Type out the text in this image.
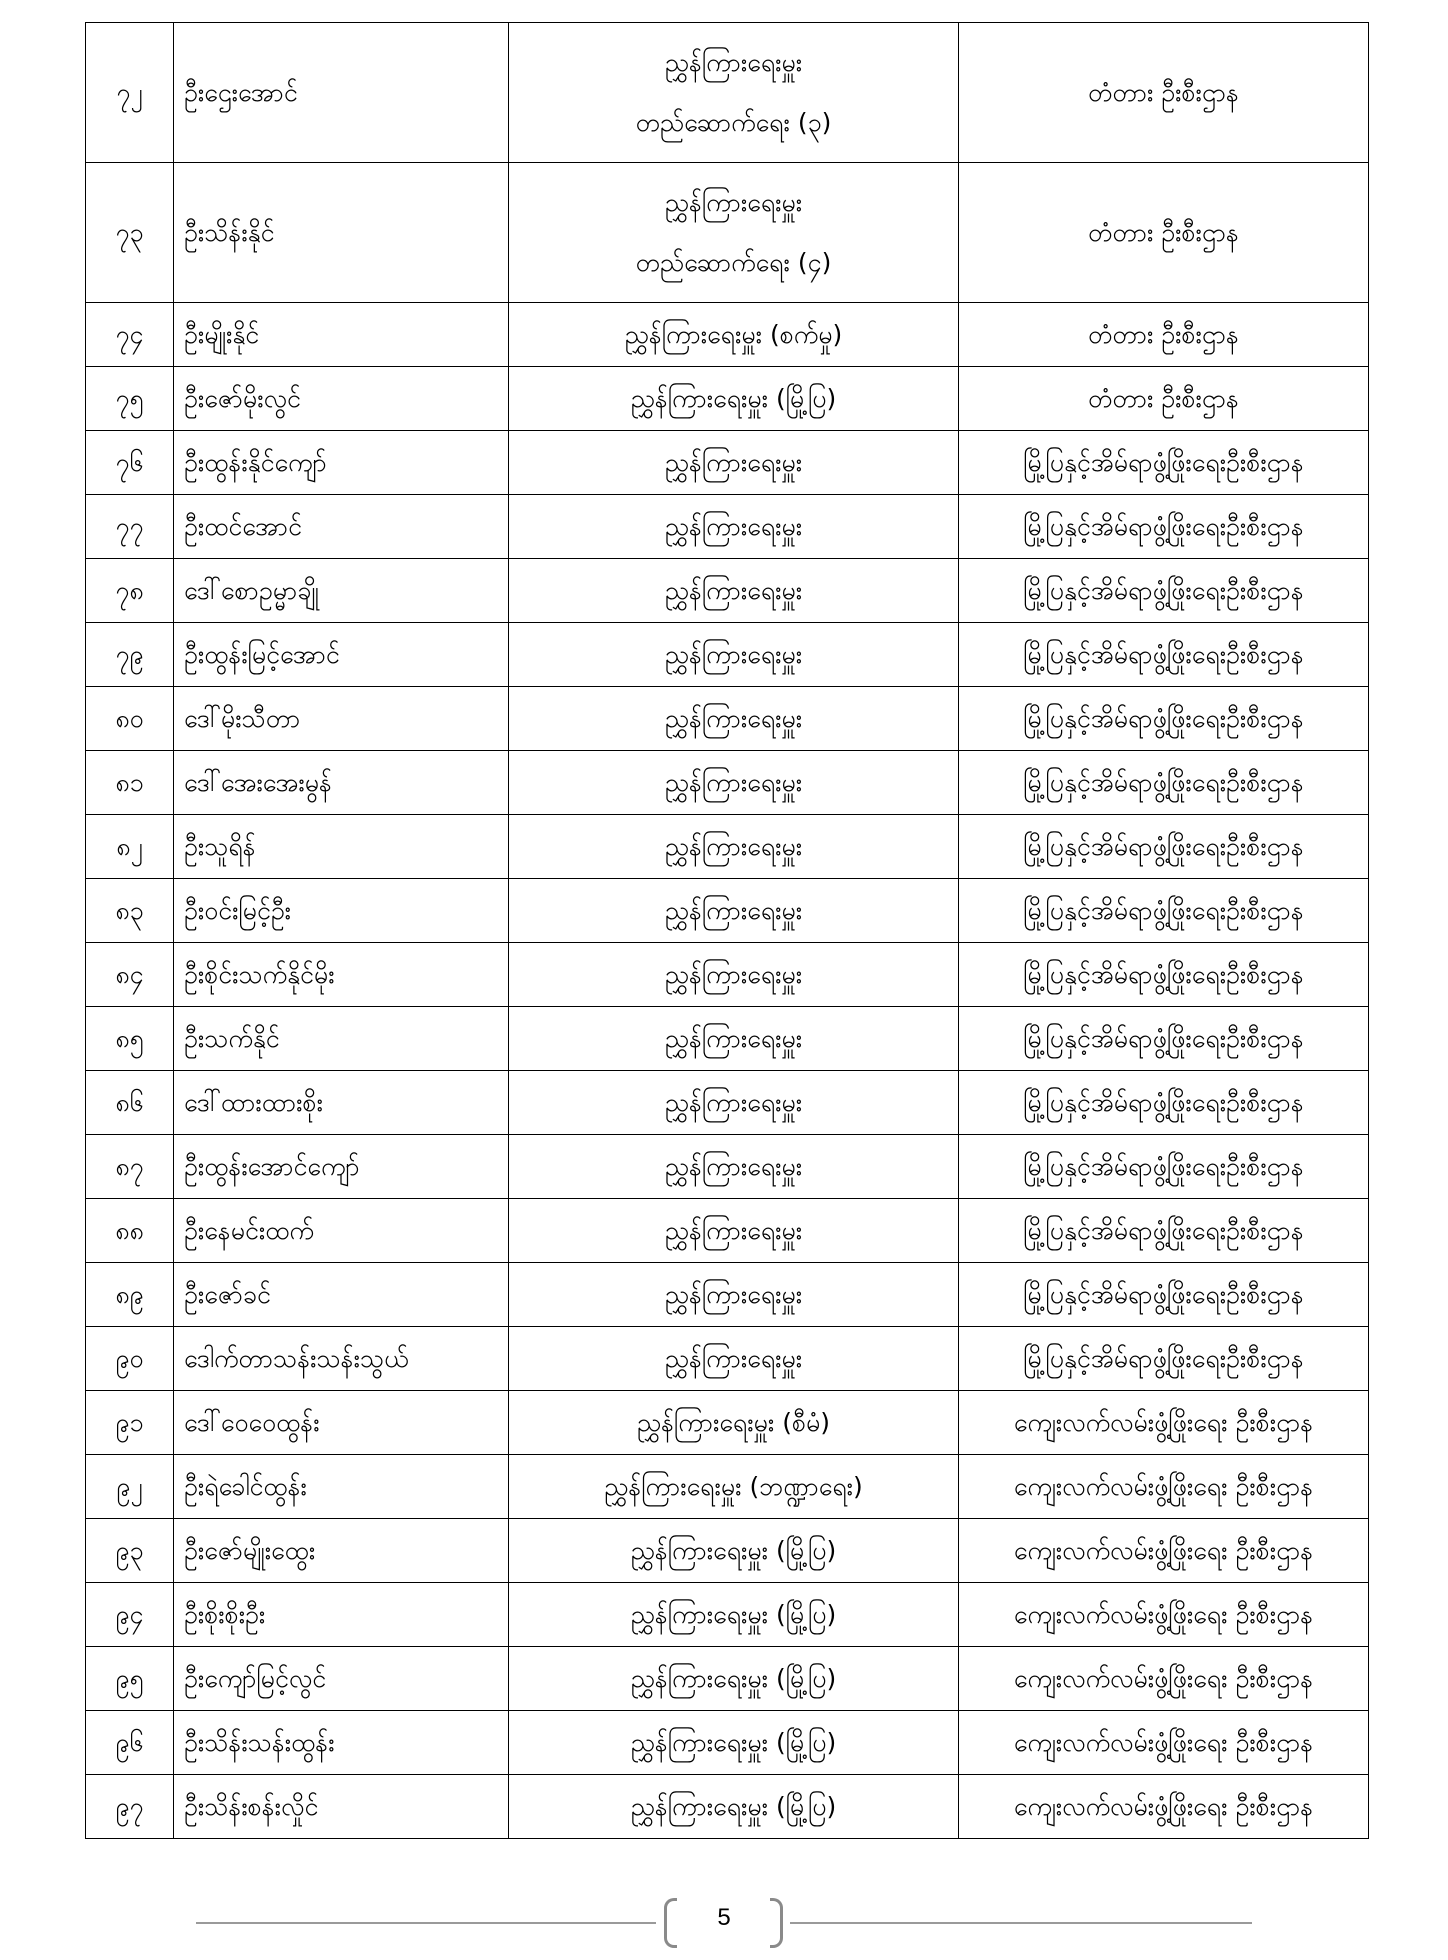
၇၂	ဦးဌေးအောင်	ညွှန်ကြားရေးမှူး
တည်ဆောက်ရေး (၃)	တံတား ဦးစီးဌာန
၇၃	ဦးသိန်းနိုင်	ညွှန်ကြားရေးမှူး
တည်ဆောက်ရေး (၄)	တံတား ဦးစီးဌာန
၇၄	ဦးမျိုးနိုင်	ညွှန်ကြားရေးမှူး (စက်မှု)	တံတား ဦးစီးဌာန
၇၅	ဦးဇော်မိုးလွင်	ညွှန်ကြားရေးမှူး (မြို့ပြ)	တံတား ဦးစီးဌာန
၇၆	ဦးထွန်းနိုင်ကျော်	ညွှန်ကြားရေးမှူး	မြို့ပြနှင့်အိမ်ရာဖွံ့ဖြိုးရေးဦးစီးဌာန
၇၇	ဦးထင်အောင်	ညွှန်ကြားရေးမှူး	မြို့ပြနှင့်အိမ်ရာဖွံ့ဖြိုးရေးဦးစီးဌာန
၇၈	ဒေါ်စောဥမ္မာချို	ညွှန်ကြားရေးမှူး	မြို့ပြနှင့်အိမ်ရာဖွံ့ဖြိုးရေးဦးစီးဌာန
၇၉	ဦးထွန်းမြင့်အောင်	ညွှန်ကြားရေးမှူး	မြို့ပြနှင့်အိမ်ရာဖွံ့ဖြိုးရေးဦးစီးဌာန
၈၀	ဒေါ်မိုးသီတာ	ညွှန်ကြားရေးမှူး	မြို့ပြနှင့်အိမ်ရာဖွံ့ဖြိုးရေးဦးစီးဌာန
၈၁	ဒေါ်အေးအေးမွန်	ညွှန်ကြားရေးမှူး	မြို့ပြနှင့်အိမ်ရာဖွံ့ဖြိုးရေးဦးစီးဌာန
၈၂	ဦးသူရိန်	ညွှန်ကြားရေးမှူး	မြို့ပြနှင့်အိမ်ရာဖွံ့ဖြိုးရေးဦးစီးဌာန
၈၃	ဦးဝင်းမြင့်ဦး	ညွှန်ကြားရေးမှူး	မြို့ပြနှင့်အိမ်ရာဖွံ့ဖြိုးရေးဦးစီးဌာန
၈၄	ဦးစိုင်းသက်နိုင်မိုး	ညွှန်ကြားရေးမှူး	မြို့ပြနှင့်အိမ်ရာဖွံ့ဖြိုးရေးဦးစီးဌာန
၈၅	ဦးသက်နိုင်	ညွှန်ကြားရေးမှူး	မြို့ပြနှင့်အိမ်ရာဖွံ့ဖြိုးရေးဦးစီးဌာန
၈၆	ဒေါ်ထားထားစိုး	ညွှန်ကြားရေးမှူး	မြို့ပြနှင့်အိမ်ရာဖွံ့ဖြိုးရေးဦးစီးဌာန
၈၇	ဦးထွန်းအောင်ကျော်	ညွှန်ကြားရေးမှူး	မြို့ပြနှင့်အိမ်ရာဖွံ့ဖြိုးရေးဦးစီးဌာန
၈၈	ဦးနေမင်းထက်	ညွှန်ကြားရေးမှူး	မြို့ပြနှင့်အိမ်ရာဖွံ့ဖြိုးရေးဦးစီးဌာန
၈၉	ဦးဇော်ခင်	ညွှန်ကြားရေးမှူး	မြို့ပြနှင့်အိမ်ရာဖွံ့ဖြိုးရေးဦးစီးဌာန
၉၀	ဒေါက်တာသန်းသန်းသွယ်	ညွှန်ကြားရေးမှူး	မြို့ပြနှင့်အိမ်ရာဖွံ့ဖြိုးရေးဦးစီးဌာန
၉၁	ဒေါ်ဝေဝေထွန်း	ညွှန်ကြားရေးမှူး (စီမံ)	ကျေးလက်လမ်းဖွံ့ဖြိုးရေး ဦးစီးဌာန
၉၂	ဦးရဲခေါင်ထွန်း	ညွှန်ကြားရေးမှူး (ဘဏ္ဍာရေး)	ကျေးလက်လမ်းဖွံ့ဖြိုးရေး ဦးစီးဌာန
၉၃	ဦးဇော်မျိုးထွေး	ညွှန်ကြားရေးမှူး (မြို့ပြ)	ကျေးလက်လမ်းဖွံ့ဖြိုးရေး ဦးစီးဌာန
၉၄	ဦးစိုးစိုးဦး	ညွှန်ကြားရေးမှူး (မြို့ပြ)	ကျေးလက်လမ်းဖွံ့ဖြိုးရေး ဦးစီးဌာန
၉၅	ဦးကျော်မြင့်လွင်	ညွှန်ကြားရေးမှူး (မြို့ပြ)	ကျေးလက်လမ်းဖွံ့ဖြိုးရေး ဦးစီးဌာန
၉၆	ဦးသိန်းသန်းထွန်း	ညွှန်ကြားရေးမှူး (မြို့ပြ)	ကျေးလက်လမ်းဖွံ့ဖြိုးရေး ဦးစီးဌာန
၉၇	ဦးသိန်းစန်းလှိုင်	ညွှန်ကြားရေးမှူး (မြို့ပြ)	ကျေးလက်လမ်းဖွံ့ဖြိုးရေး ဦးစီးဌာန
5
